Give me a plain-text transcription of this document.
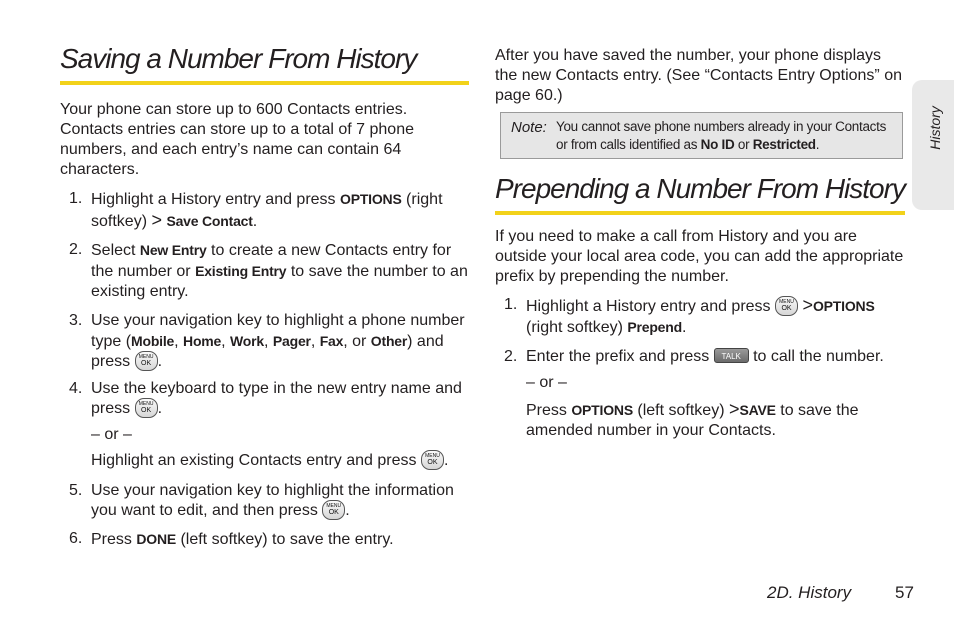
Saving a Number From History

Your phone can store up to 600 Contacts entries. Contacts entries can store up to a total of 7 phone numbers, and each entry’s name can contain 64 characters.

1. Highlight a History entry and press OPTIONS (right softkey) > Save Contact.
2. Select New Entry to create a new Contacts entry for the number or Existing Entry to save the number to an existing entry.
3. Use your navigation key to highlight a phone number type (Mobile, Home, Work, Pager, Fax, or Other) and press MENU
OK .
4. Use the keyboard to type in the new entry name and press MENU
OK .
– or –
Highlight an existing Contacts entry and press MENU
OK .
5. Use your navigation key to highlight the information you want to edit, and then press MENU
OK .
6. Press DONE (left softkey) to save the entry.

After you have saved the number, your phone displays the new Contacts entry. (See “Contacts Entry Options” on page 60.)

Note: You cannot save phone numbers already in your Contacts or from calls identified as No ID or Restricted.
Prepending a Number From History

If you need to make a call from History and you are outside your local area code, you can add the appropriate prefix by prepending the number.

1. Highlight a History entry and press MENU
OK >OPTIONS (right softkey) Prepend.
2. Enter the prefix and press TALK to call the number.
– or –
Press OPTIONS (left softkey) >SAVE to save the amended number in your Contacts.
History
2D. History	57
